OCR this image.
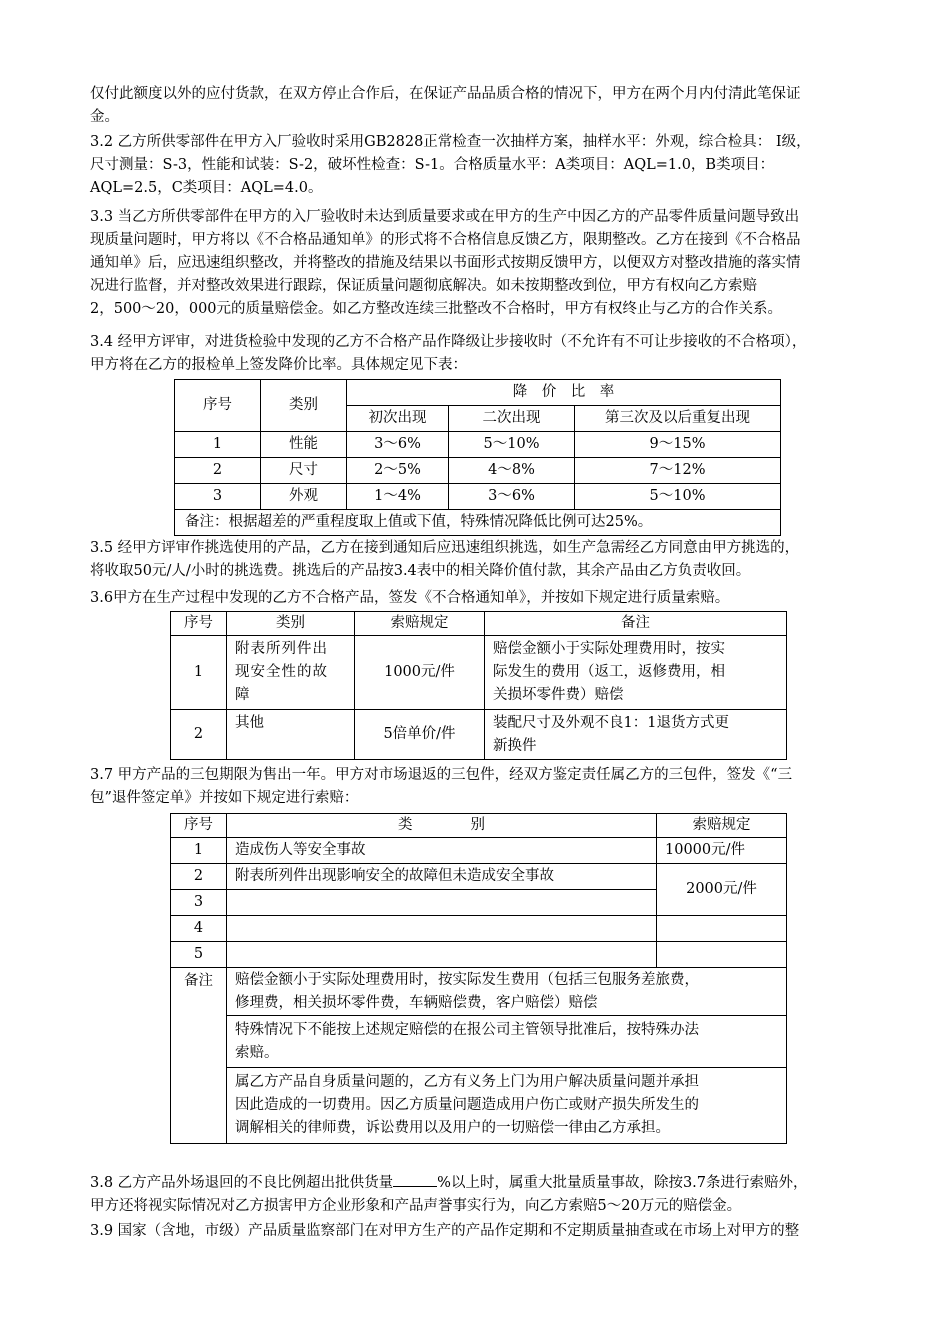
仅付此额度以外的应付货款，在双方停止合作后，在保证产品品质合格的情况下，甲方在两个月内付清此笔保证
金。
3.2 乙方所供零部件在甲方入厂验收时采用GB2828正常检查一次抽样方案，抽样水平：外观，综合检具： Ⅰ级，
尺寸测量：S-3，性能和试装：S-2，破坏性检查：S-1。合格质量水平：A类项目：AQL=1.0，B类项目：
AQL=2.5，C类项目：AQL=4.0。
3.3 当乙方所供零部件在甲方的入厂验收时未达到质量要求或在甲方的生产中因乙方的产品零件质量问题导致出
现质量问题时，甲方将以《不合格品通知单》的形式将不合格信息反馈乙方，限期整改。乙方在接到《不合格品
通知单》后，应迅速组织整改，并将整改的措施及结果以书面形式按期反馈甲方，以便双方对整改措施的落实情
况进行监督，并对整改效果进行跟踪，保证质量问题彻底解决。如未按期整改到位，甲方有权向乙方索赔
2，500～20，000元的质量赔偿金。如乙方整改连续三批整改不合格时，甲方有权终止与乙方的合作关系。
3.4 经甲方评审，对进货检验中发现的乙方不合格产品作降级让步接收时（不允许有不可让步接收的不合格项），
甲方将在乙方的报检单上签发降价比率。具体规定见下表：
序号	类别	降　价　比　率		
		初次出现	二次出现	第三次及以后重复出现
1	性能	3～6%	5～10%	9～15%
2	尺寸	2～5%	4～8%	7～12%
3	外观	1～4%	3～6%	5～10%
备注：根据超差的严重程度取上值或下值，特殊情况降低比例可达25%。				
3.5 经甲方评审作挑选使用的产品，乙方在接到通知后应迅速组织挑选，如生产急需经乙方同意由甲方挑选的，
将收取50元/人/小时的挑选费。挑选后的产品按3.4表中的相关降价值付款，其余产品由乙方负责收回。
3.6甲方在生产过程中发现的乙方不合格产品，签发《不合格通知单》，并按如下规定进行质量索赔。
序号	类别	索赔规定	备注
1	附表所列件出
现安全性的故
障	1000元/件	赔偿金额小于实际处理费用时，按实
际发生的费用（返工，返修费用，相
关损坏零件费）赔偿

2	其他	5倍单价/件	装配尺寸及外观不良1：1退货方式更
新换件
3.7 甲方产品的三包期限为售出一年。甲方对市场退返的三包件，经双方鉴定责任属乙方的三包件，签发《“三
包”退件签定单》并按如下规定进行索赔：
序号	类　　　　别	索赔规定
1	造成伤人等安全事故	10000元/件
2	附表所列件出现影响安全的故障但未造成安全事故	2000元/件
3		
4		
5		
备注	赔偿金额小于实际处理费用时，按实际发生费用（包括三包服务差旅费，
修理费，相关损坏零件费，车辆赔偿费，客户赔偿）赔偿	

	特殊情况下不能按上述规定赔偿的在报公司主管领导批准后，按特殊办法
索赔。	

	属乙方产品自身质量问题的，乙方有义务上门为用户解决质量问题并承担
因此造成的一切费用。因乙方质量问题造成用户伤亡或财产损失所发生的
调解相关的律师费，诉讼费用以及用户的一切赔偿一律由乙方承担。	
3.8 乙方产品外场退回的不良比例超出批供货量	%以上时，属重大批量质量事故，除按3.7条进行索赔外，
甲方还将视实际情况对乙方损害甲方企业形象和产品声誉事实行为，向乙方索赔5～20万元的赔偿金。
3.9 国家（含地，市级）产品质量监察部门在对甲方生产的产品作定期和不定期质量抽查或在市场上对甲方的整
